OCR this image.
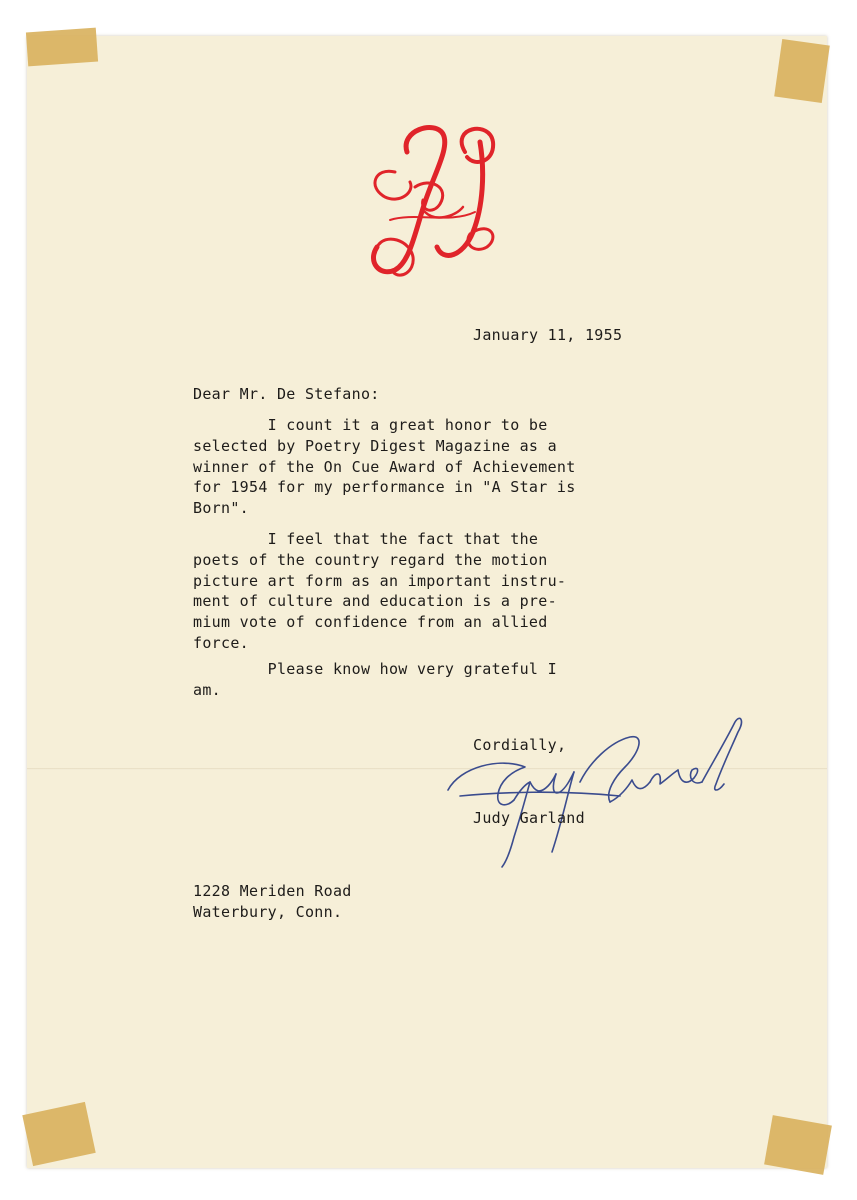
January 11, 1955
Dear Mr. De Stefano:
I count it a great honor to be
selected by Poetry Digest Magazine as a
winner of the On Cue Award of Achievement
for 1954 for my performance in "A Star is
Born".
I feel that the fact that the
poets of the country regard the motion
picture art form as an important instru-
ment of culture and education is a pre-
mium vote of confidence from an allied
force.
Please know how very grateful I
am.
Cordially,
Judy Garland
1228 Meriden Road
Waterbury, Conn.
